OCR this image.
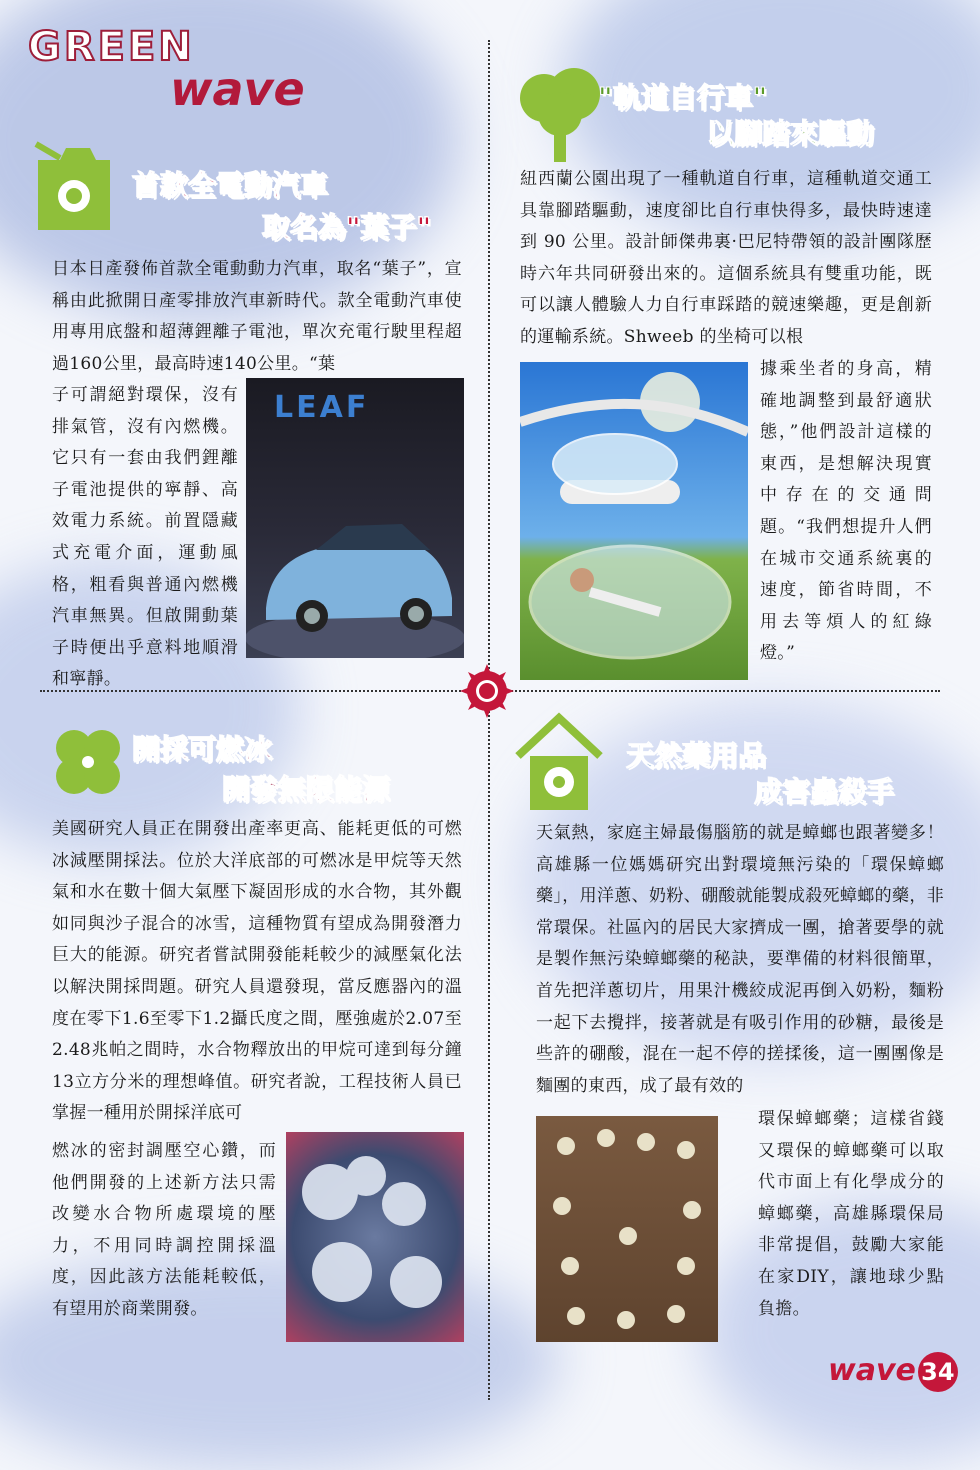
GREEN
wave
首款全電動汽車
取名為"葉子"

日本日產發佈首款全電動動力汽車，取名“葉子”，宣稱由此掀開日產零排放汽車新時代。款全電動汽車使用專用底盤和超薄鋰離子電池，單次充電行駛里程超過160公里，最高時速140公里。“葉

子可謂絕對環保，沒有排氣管，沒有內燃機。它只有一套由我們鋰離子電池提供的寧靜、高效電力系統。前置隱藏式充電介面，運動風格，粗看與普通內燃機汽車無異。但啟開動葉子時便出乎意料地順滑和寧靜。

LEAF
"軌道自行車"
以腳踏來驅動

紐西蘭公園出現了一種軌道自行車，這種軌道交通工具靠腳踏驅動，速度卻比自行車快得多，最快時速達到 90 公里。設計師傑弗裏·巴尼特帶領的設計團隊歷時六年共同研發出來的。這個系統具有雙重功能，既可以讓人體驗人力自行車踩踏的競速樂趣，更是創新的運輸系統。Shweeb 的坐椅可以根

據乘坐者的身高，精確地調整到最舒適狀態，”他們設計這樣的東西，是想解決現實中存在的交通問題。“我們想提升人們在城市交通系統裏的速度，節省時間，不用去等煩人的紅綠燈。”

開採可燃冰
開發無限能源

美國研究人員正在開發出產率更高、能耗更低的可燃冰減壓開採法。位於大洋底部的可燃冰是甲烷等天然氣和水在數十個大氣壓下凝固形成的水合物，其外觀如同與沙子混合的冰雪，這種物質有望成為開發潛力巨大的能源。研究者嘗試開發能耗較少的減壓氣化法以解決開採問題。研究人員還發現，當反應器內的溫度在零下1.6至零下1.2攝氏度之間，壓強處於2.07至2.48兆帕之間時，水合物釋放出的甲烷可達到每分鐘13立方分米的理想峰值。研究者說，工程技術人員已掌握一種用於開採洋底可

燃冰的密封調壓空心鑽，而他們開發的上述新方法只需改變水合物所處環境的壓力，不用同時調控開採溫度，因此該方法能耗較低，有望用於商業開發。

天然藥用品
成害蟲殺手

天氣熱，家庭主婦最傷腦筋的就是蟑螂也跟著變多！高雄縣一位媽媽研究出對環境無污染的「環保蟑螂藥」，用洋蔥、奶粉、硼酸就能製成殺死蟑螂的藥，非常環保。社區內的居民大家擠成一團，搶著要學的就是製作無污染蟑螂藥的秘訣，要準備的材料很簡單，首先把洋蔥切片，用果汁機絞成泥再倒入奶粉，麵粉一起下去攪拌，接著就是有吸引作用的砂糖，最後是些許的硼酸，混在一起不停的搓揉後，這一團團像是麵團的東西，成了最有效的

環保蟑螂藥；這樣省錢又環保的蟑螂藥可以取代市面上有化學成分的蟑螂藥，高雄縣環保局非常提倡，鼓勵大家能在家DIY，讓地球少點負擔。

wave 34
